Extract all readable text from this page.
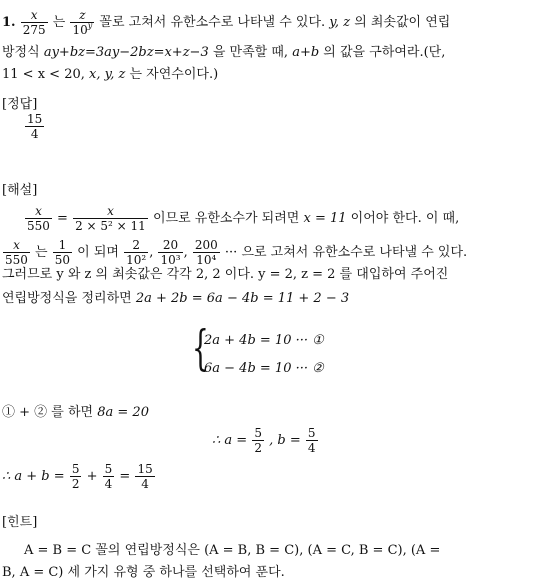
1. $\frac{x}{275}$ 는 $\frac{z}{10^y}$ 꼴로 고쳐서 유한소수로 나타낼 수 있다. y, z 의 최솟값이 연립
방정식 ay+bz=3ay−2bz=x+z−3 을 만족할 때, a+b 의 값을 구하여라.(단,
11 < x < 20, x, y, z 는 자연수이다.)
[정답]
$\frac{15}{4}$
[해설]
$\frac{x}{550} = \frac{x}{\text{2 × 5² × 11}}$ 이므로 유한소수가 되려면 x = 11 이어야 한다. 이 때,
$\frac{x}{550}$ 는 $\frac{1}{50}$ 이 되며 $\frac{2}{\text{10²}}$ , $\frac{20}{\text{10³}}$ , $\frac{200}{\text{10⁴}}$ ··· 으로 고쳐서 유한소수로 나타낼 수 있다.
그러므로 y 와 z 의 최솟값은 각각 2, 2 이다. y = 2, z = 2 를 대입하여 주어진
연립방정식을 정리하면 2a + 2b = 6a − 4b = 11 + 2 − 3
{
2a + 4b = 10 ··· ①
6a − 4b = 10 ··· ②
① + ② 를 하면 8a = 20
∴ $a = \frac{5}{2}$ , $b = \frac{5}{4}$
∴ $a + b = \frac{5}{2} + \frac{5}{4} = \frac{15}{4}$
[힌트]
A = B = C 꼴의 연립방정식은 (A = B, B = C), (A = C, B = C), (A =
B, A = C) 세 가지 유형 중 하나를 선택하여 푼다.
